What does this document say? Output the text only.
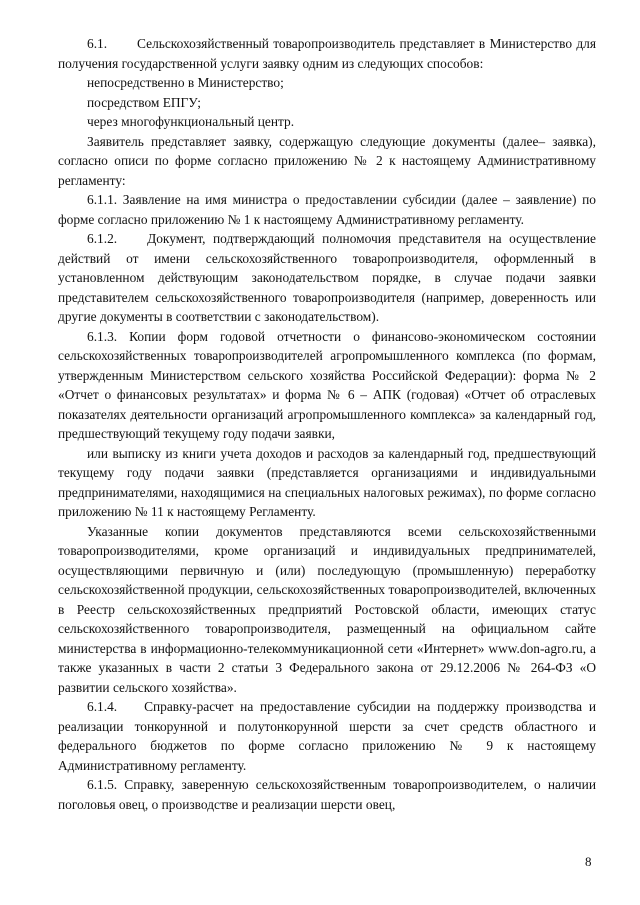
6.1.       Сельскохозяйственный товаропроизводитель представляет в Министерство для получения государственной услуги заявку одним из следующих способов:

непосредственно в Министерство;

посредством ЕПГУ;

через многофункциональный центр.

Заявитель представляет заявку, содержащую следующие документы (далее– заявка), согласно описи по форме согласно приложению № 2 к настоящему Административному регламенту:

6.1.1. Заявление на имя министра о предоставлении субсидии (далее – заявление) по форме согласно приложению № 1 к настоящему Административному регламенту.

6.1.2.    Документ, подтверждающий полномочия представителя на осуществление действий от имени сельскохозяйственного товаропроизводителя, оформленный в установленном действующим законодательством порядке, в случае подачи заявки представителем сельскохозяйственного товаропроизводителя (например, доверенность или другие документы в соответствии с законодательством).

6.1.3. Копии форм годовой отчетности о финансово-экономическом состоянии сельскохозяйственных товаропроизводителей агропромышленного комплекса (по формам, утвержденным Министерством сельского хозяйства Российской Федерации): форма № 2 «Отчет о финансовых результатах» и форма № 6 – АПК (годовая) «Отчет об отраслевых показателях деятельности организаций агропромышленного комплекса» за календарный год, предшествующий текущему году подачи заявки,

или выписку из книги учета доходов и расходов за календарный год, предшествующий текущему году подачи заявки (представляется организациями и индивидуальными предпринимателями, находящимися на специальных налоговых режимах), по форме согласно приложению № 11 к настоящему Регламенту.

Указанные копии документов представляются всеми сельскохозяйственными товаропроизводителями, кроме организаций и индивидуальных предпринимателей, осуществляющими первичную и (или) последующую (промышленную) переработку сельскохозяйственной продукции, сельскохозяйственных товаропроизводителей, включенных в Реестр сельскохозяйственных предприятий Ростовской области, имеющих статус сельскохозяйственного товаропроизводителя, размещенный на официальном сайте министерства в информационно-телекоммуникационной сети «Интернет» www.don-agro.ru, а также указанных в части 2 статьи 3 Федерального закона от 29.12.2006 № 264-ФЗ «О развитии сельского хозяйства».

6.1.4.    Справку-расчет на предоставление субсидии на поддержку производства и реализации тонкорунной и полутонкорунной шерсти за счет средств областного и федерального бюджетов по форме согласно приложению № 9 к настоящему Административному регламенту.

6.1.5. Справку, заверенную сельскохозяйственным товаропроизводителем, о наличии поголовья овец, о производстве и реализации шерсти овец,

8
